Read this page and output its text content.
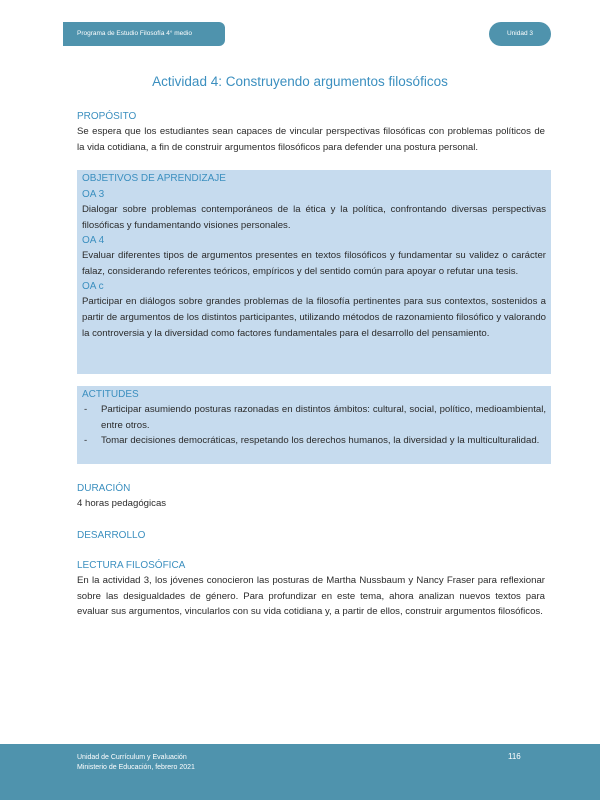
Programa de Estudio Filosofía 4° medio	Unidad 3
Actividad 4: Construyendo argumentos filosóficos
PROPÓSITO

Se espera que los estudiantes sean capaces de vincular perspectivas filosóficas con problemas políticos de la vida cotidiana, a fin de construir argumentos filosóficos para defender una postura personal.

OBJETIVOS DE APRENDIZAJE
OA 3

Dialogar sobre problemas contemporáneos de la ética y la política, confrontando diversas perspectivas filosóficas y fundamentando visiones personales.

OA 4

Evaluar diferentes tipos de argumentos presentes en textos filosóficos y fundamentar su validez o carácter falaz, considerando referentes teóricos, empíricos y del sentido común para apoyar o refutar una tesis.

OA c

Participar en diálogos sobre grandes problemas de la filosofía pertinentes para sus contextos, sostenidos a partir de argumentos de los distintos participantes, utilizando métodos de razonamiento filosófico y valorando la controversia y la diversidad como factores fundamentales para el desarrollo del pensamiento.

ACTITUDES
- Participar asumiendo posturas razonadas en distintos ámbitos: cultural, social, político, medioambiental, entre otros.
- Tomar decisiones democráticas, respetando los derechos humanos, la diversidad y la multiculturalidad.
DURACIÓN

4 horas pedagógicas

DESARROLLO
LECTURA FILOSÓFICA

En la actividad 3, los jóvenes conocieron las posturas de Martha Nussbaum y Nancy Fraser para reflexionar sobre las desigualdades de género. Para profundizar en este tema, ahora analizan nuevos textos para evaluar sus argumentos, vincularlos con su vida cotidiana y, a partir de ellos, construir argumentos filosóficos.

Unidad de Currículum y Evaluación
Ministerio de Educación, febrero 2021
116
